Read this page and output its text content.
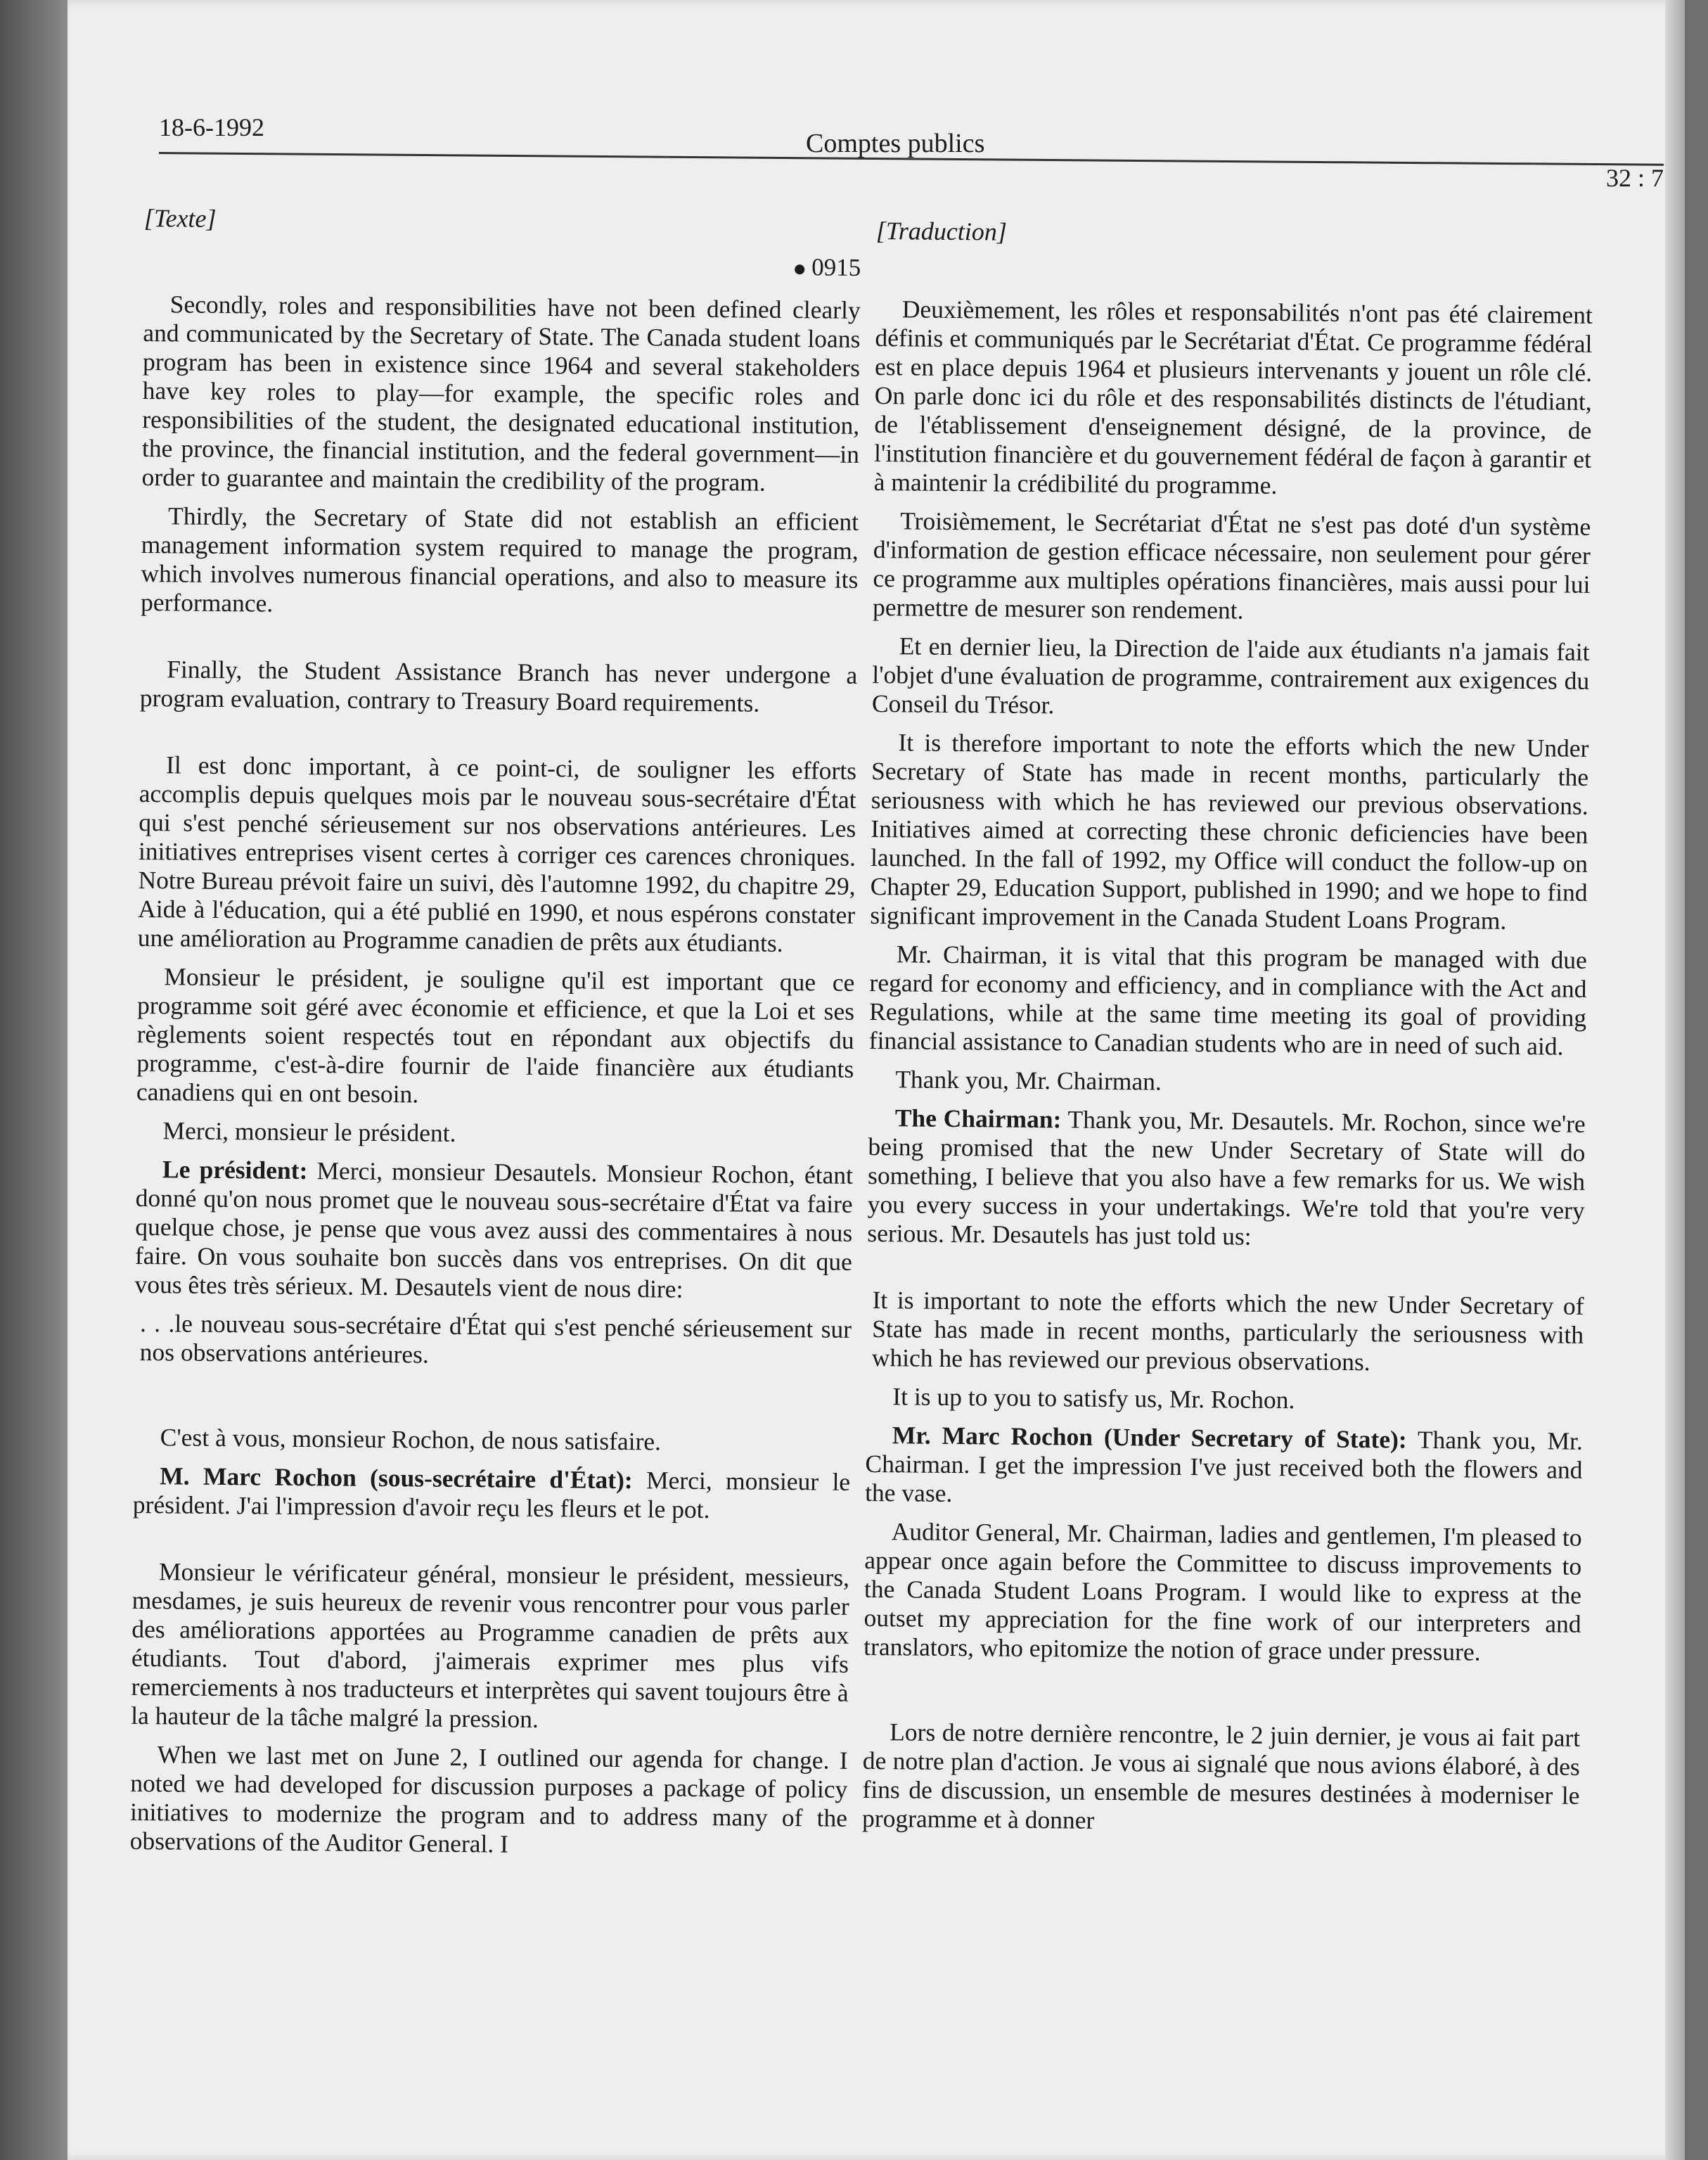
18-6-1992
Comptes publics
32 : 7
[Texte]
0915

Secondly, roles and responsibilities have not been defined clearly and communicated by the Secretary of State. The Canada student loans program has been in existence since 1964 and several stakeholders have key roles to play—for example, the specific roles and responsibilities of the student, the designated educational institution, the province, the financial institution, and the federal government—in order to guarantee and maintain the credibility of the program.

Thirdly, the Secretary of State did not establish an efficient management information system required to manage the program, which involves numerous financial operations, and also to measure its performance.

Finally, the Student Assistance Branch has never undergone a program evaluation, contrary to Treasury Board requirements.

Il est donc important, à ce point-ci, de souligner les efforts accomplis depuis quelques mois par le nouveau sous-secrétaire d'État qui s'est penché sérieusement sur nos observations antérieures. Les initiatives entreprises visent certes à corriger ces carences chroniques. Notre Bureau prévoit faire un suivi, dès l'automne 1992, du chapitre 29, Aide à l'éducation, qui a été publié en 1990, et nous espérons constater une amélioration au Programme canadien de prêts aux étudiants.

Monsieur le président, je souligne qu'il est important que ce programme soit géré avec économie et efficience, et que la Loi et ses règlements soient respectés tout en répondant aux objectifs du programme, c'est-à-dire fournir de l'aide financière aux étudiants canadiens qui en ont besoin.

Merci, monsieur le président.

Le président: Merci, monsieur Desautels. Monsieur Rochon, étant donné qu'on nous promet que le nouveau sous-secrétaire d'État va faire quelque chose, je pense que vous avez aussi des commentaires à nous faire. On vous souhaite bon succès dans vos entreprises. On dit que vous êtes très sérieux. M. Desautels vient de nous dire:

. . .le nouveau sous-secrétaire d'État qui s'est penché sérieusement sur nos observations antérieures.

C'est à vous, monsieur Rochon, de nous satisfaire.

M. Marc Rochon (sous-secrétaire d'État): Merci, monsieur le président. J'ai l'impression d'avoir reçu les fleurs et le pot.

Monsieur le vérificateur général, monsieur le président, messieurs, mesdames, je suis heureux de revenir vous rencontrer pour vous parler des améliorations apportées au Programme canadien de prêts aux étudiants. Tout d'abord, j'aimerais exprimer mes plus vifs remerciements à nos traducteurs et interprètes qui savent toujours être à la hauteur de la tâche malgré la pression.

When we last met on June 2, I outlined our agenda for change. I noted we had developed for discussion purposes a package of policy initiatives to modernize the program and to address many of the observations of the Auditor General. I

[Traduction]

Deuxièmement, les rôles et responsabilités n'ont pas été clairement définis et communiqués par le Secrétariat d'État. Ce programme fédéral est en place depuis 1964 et plusieurs intervenants y jouent un rôle clé. On parle donc ici du rôle et des responsabilités distincts de l'étudiant, de l'établissement d'enseignement désigné, de la province, de l'institution financière et du gouvernement fédéral de façon à garantir et à maintenir la crédibilité du programme.

Troisièmement, le Secrétariat d'État ne s'est pas doté d'un système d'information de gestion efficace nécessaire, non seulement pour gérer ce programme aux multiples opérations financières, mais aussi pour lui permettre de mesurer son rendement.

Et en dernier lieu, la Direction de l'aide aux étudiants n'a jamais fait l'objet d'une évaluation de programme, contrairement aux exigences du Conseil du Trésor.

It is therefore important to note the efforts which the new Under Secretary of State has made in recent months, particularly the seriousness with which he has reviewed our previous observations. Initiatives aimed at correcting these chronic deficiencies have been launched. In the fall of 1992, my Office will conduct the follow-up on Chapter 29, Education Support, published in 1990; and we hope to find significant improvement in the Canada Student Loans Program.

Mr. Chairman, it is vital that this program be managed with due regard for economy and efficiency, and in compliance with the Act and Regulations, while at the same time meeting its goal of providing financial assistance to Canadian students who are in need of such aid.

Thank you, Mr. Chairman.

The Chairman: Thank you, Mr. Desautels. Mr. Rochon, since we're being promised that the new Under Secretary of State will do something, I believe that you also have a few remarks for us. We wish you every success in your undertakings. We're told that you're very serious. Mr. Desautels has just told us:

It is important to note the efforts which the new Under Secretary of State has made in recent months, particularly the seriousness with which he has reviewed our previous observations.

It is up to you to satisfy us, Mr. Rochon.

Mr. Marc Rochon (Under Secretary of State): Thank you, Mr. Chairman. I get the impression I've just received both the flowers and the vase.

Auditor General, Mr. Chairman, ladies and gentlemen, I'm pleased to appear once again before the Committee to discuss improvements to the Canada Student Loans Program. I would like to express at the outset my appreciation for the fine work of our interpreters and translators, who epitomize the notion of grace under pressure.

Lors de notre dernière rencontre, le 2 juin dernier, je vous ai fait part de notre plan d'action. Je vous ai signalé que nous avions élaboré, à des fins de discussion, un ensemble de mesures destinées à moderniser le programme et à donner
